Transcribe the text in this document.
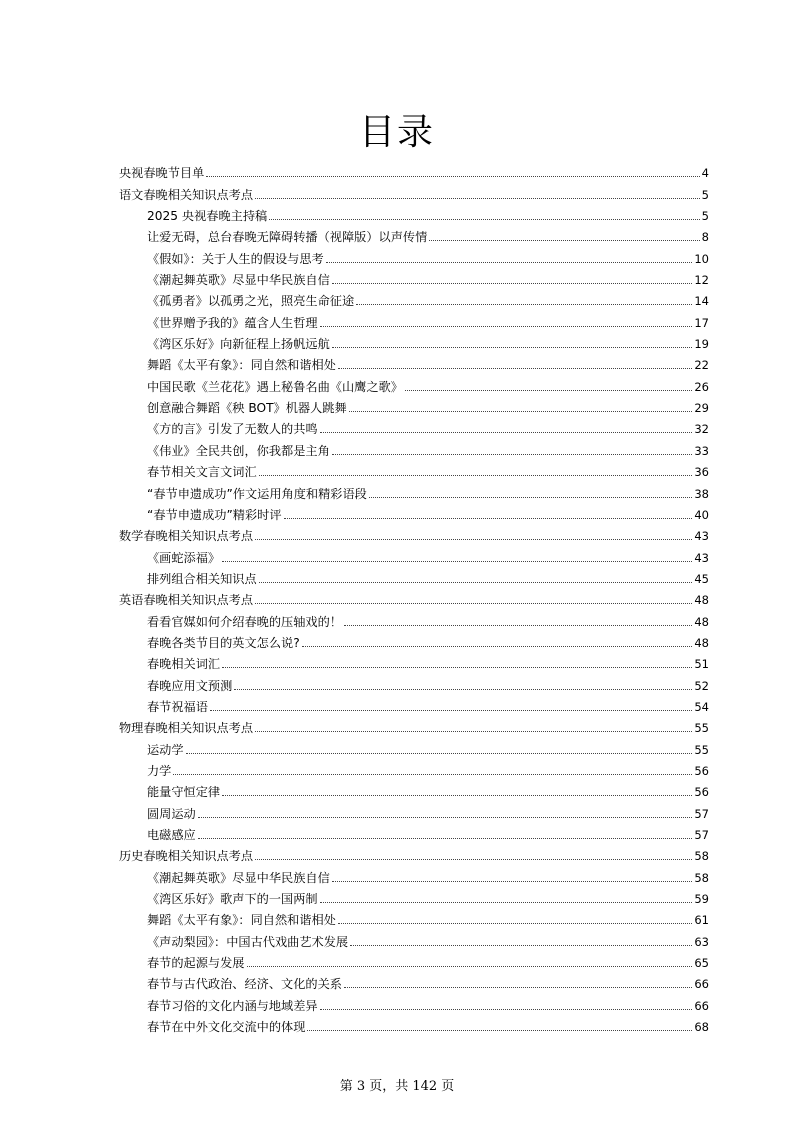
目录
央视春晚节目单	4
语文春晚相关知识点考点	5
2025 央视春晚主持稿	5
让爱无碍，总台春晚无障碍转播（视障版）以声传情	8
《假如》：关于人生的假设与思考	10
《潮起舞英歌》尽显中华民族自信	12
《孤勇者》以孤勇之光，照亮生命征途	14
《世界赠予我的》蕴含人生哲理	17
《湾区乐好》向新征程上扬帆远航	19
舞蹈《太平有象》：同自然和谐相处	22
中国民歌《兰花花》遇上秘鲁名曲《山鹰之歌》	26
创意融合舞蹈《秧 BOT》机器人跳舞	29
《方的言》引发了无数人的共鸣	32
《伟业》全民共创，你我都是主角	33
春节相关文言文词汇	36
“春节申遗成功”作文运用角度和精彩语段	38
“春节申遗成功”精彩时评	40
数学春晚相关知识点考点	43
《画蛇添福》	43
排列组合相关知识点	45
英语春晚相关知识点考点	48
看看官媒如何介绍春晚的压轴戏的！	48
春晚各类节目的英文怎么说?	48
春晚相关词汇	51
春晚应用文预测	52
春节祝福语	54
物理春晚相关知识点考点	55
运动学	55
力学	56
能量守恒定律	56
圆周运动	57
电磁感应	57
历史春晚相关知识点考点	58
《潮起舞英歌》尽显中华民族自信	58
《湾区乐好》歌声下的一国两制	59
舞蹈《太平有象》：同自然和谐相处	61
《声动梨园》：中国古代戏曲艺术发展	63
春节的起源与发展	65
春节与古代政治、经济、文化的关系	66
春节习俗的文化内涵与地域差异	66
春节在中外文化交流中的体现	68
第 3 页，共 142 页
